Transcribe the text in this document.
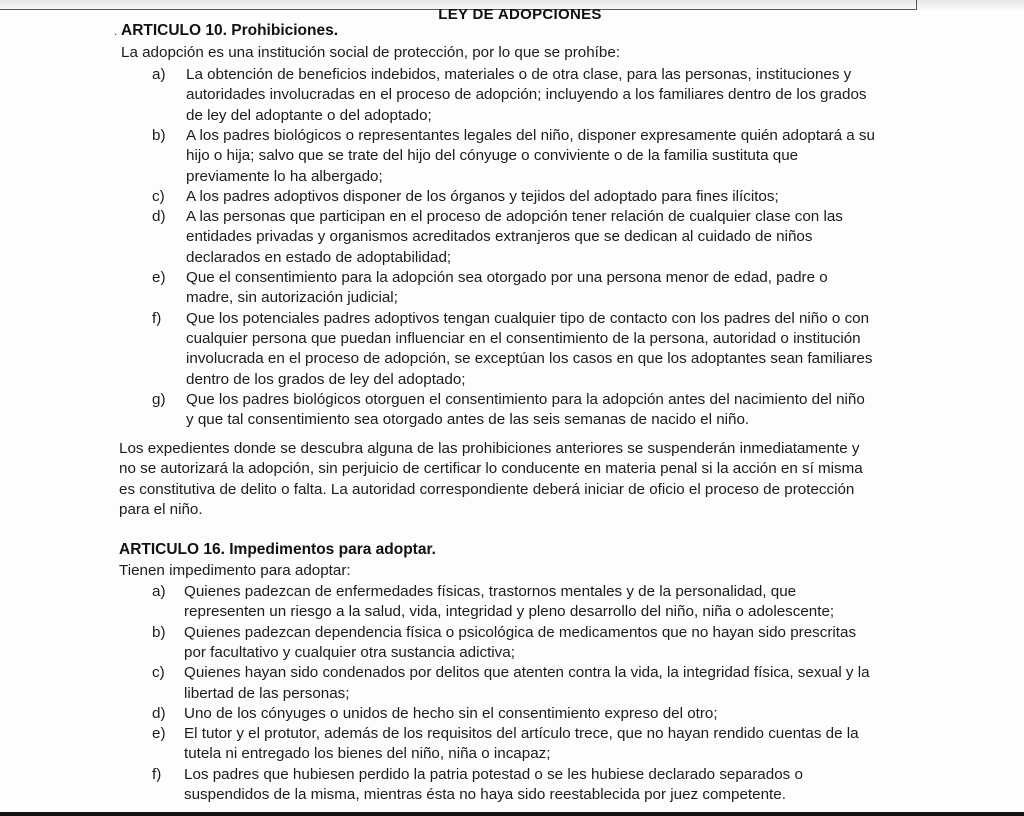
LEY DE ADOPCIONES
. ARTICULO 10. Prohibiciones.
La adopción es una institución social de protección, por lo que se prohíbe:
a) La obtención de beneficios indebidos, materiales o de otra clase, para las personas, instituciones y
autoridades involucradas en el proceso de adopción; incluyendo a los familiares dentro de los grados
de ley del adoptante o del adoptado;
b) A los padres biológicos o representantes legales del niño, disponer expresamente quién adoptará a su
hijo o hija; salvo que se trate del hijo del cónyuge o conviviente o de la familia sustituta que
previamente lo ha albergado;
c) A los padres adoptivos disponer de los órganos y tejidos del adoptado para fines ilícitos;
d) A las personas que participan en el proceso de adopción tener relación de cualquier clase con las
entidades privadas y organismos acreditados extranjeros que se dedican al cuidado de niños
declarados en estado de adoptabilidad;
e) Que el consentimiento para la adopción sea otorgado por una persona menor de edad, padre o
madre, sin autorización judicial;
f) Que los potenciales padres adoptivos tengan cualquier tipo de contacto con los padres del niño o con
cualquier persona que puedan influenciar en el consentimiento de la persona, autoridad o institución
involucrada en el proceso de adopción, se exceptúan los casos en que los adoptantes sean familiares
dentro de los grados de ley del adoptado;
g) Que los padres biológicos otorguen el consentimiento para la adopción antes del nacimiento del niño
y que tal consentimiento sea otorgado antes de las seis semanas de nacido el niño.
Los expedientes donde se descubra alguna de las prohibiciones anteriores se suspenderán inmediatamente y
no se autorizará la adopción, sin perjuicio de certificar lo conducente en materia penal si la acción en sí misma
es constitutiva de delito o falta. La autoridad correspondiente deberá iniciar de oficio el proceso de protección
para el niño.
ARTICULO 16. Impedimentos para adoptar.
Tienen impedimento para adoptar:
a) Quienes padezcan de enfermedades físicas, trastornos mentales y de la personalidad, que
representen un riesgo a la salud, vida, integridad y pleno desarrollo del niño, niña o adolescente;
b) Quienes padezcan dependencia física o psicológica de medicamentos que no hayan sido prescritas
por facultativo y cualquier otra sustancia adictiva;
c) Quienes hayan sido condenados por delitos que atenten contra la vida, la integridad física, sexual y la
libertad de las personas;
d) Uno de los cónyuges o unidos de hecho sin el consentimiento expreso del otro;
e) El tutor y el protutor, además de los requisitos del artículo trece, que no hayan rendido cuentas de la
tutela ni entregado los bienes del niño, niña o incapaz;
f) Los padres que hubiesen perdido la patria potestad o se les hubiese declarado separados o
suspendidos de la misma, mientras ésta no haya sido reestablecida por juez competente.
